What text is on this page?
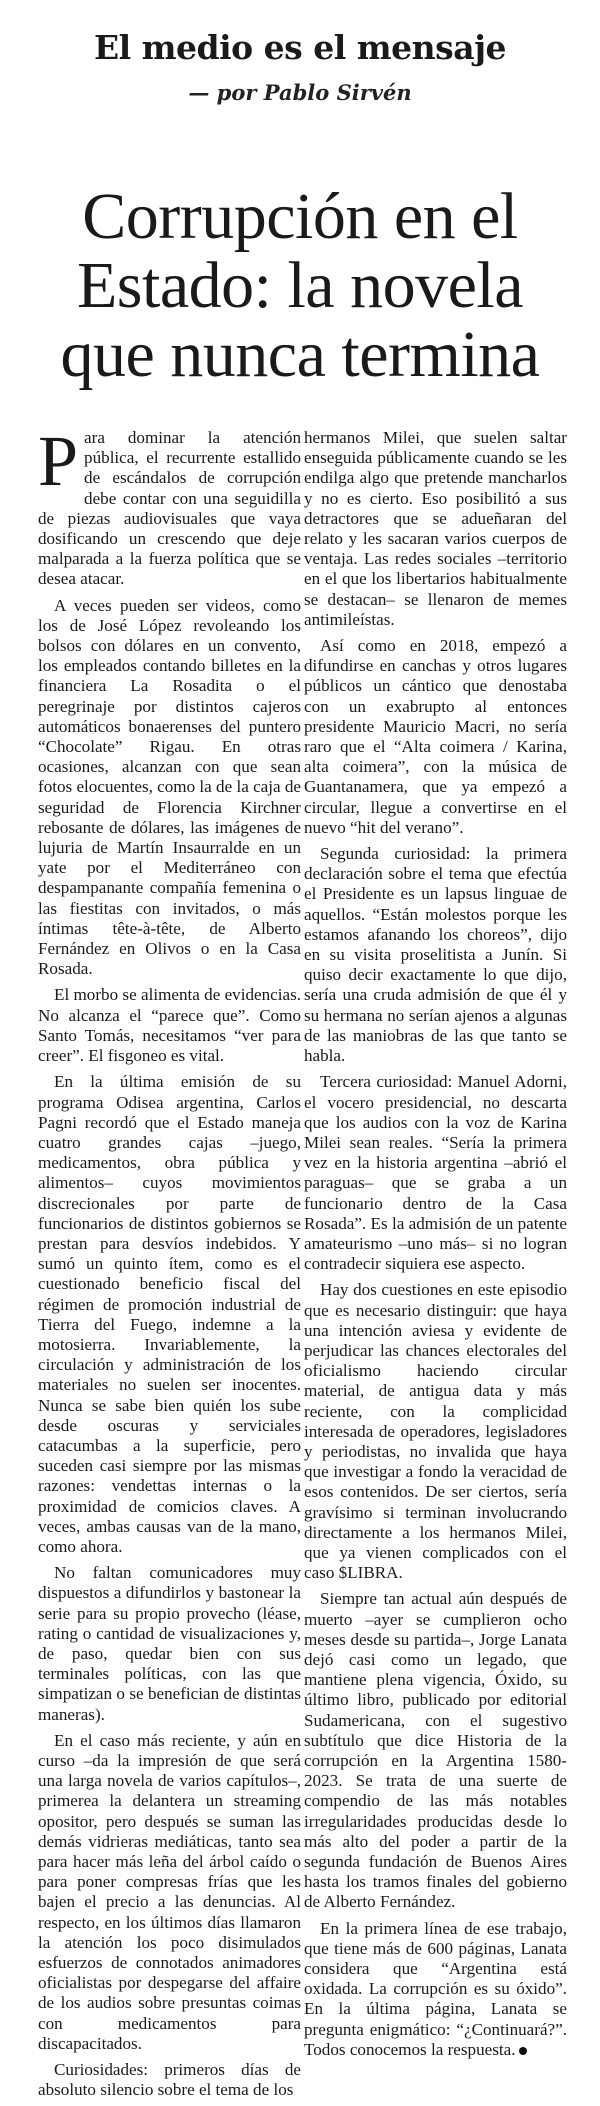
El medio es el mensaje
— por Pablo Sirvén
Corrupción en el
Estado: la novela
que nunca termina

Para dominar la atención pública, el recurrente estallido de escándalos de corrupción debe contar con una seguidilla de piezas audiovisuales que vaya dosificando un crescendo que deje malparada a la fuerza política que se desea atacar.

A veces pueden ser videos, como los de José López revoleando los bolsos con dólares en un convento, los empleados contando billetes en la financiera La Rosadita o el peregrinaje por distintos cajeros automáticos bonaerenses del puntero “Chocolate” Rigau. En otras ocasiones, alcanzan con que sean fotos elocuentes, como la de la caja de seguridad de Florencia Kirchner rebosante de dólares, las imágenes de lujuria de Martín Insaurralde en un yate por el Mediterráneo con despampanante compañía femenina o las fiestitas con invitados, o más íntimas tête-à-tête, de Alberto Fernández en Olivos o en la Casa Rosada.

El morbo se alimenta de evidencias. No alcanza el “parece que”. Como Santo Tomás, necesitamos “ver para creer”. El fisgoneo es vital.

En la última emisión de su programa Odisea argentina, Carlos Pagni recordó que el Estado maneja cuatro grandes cajas –juego, medicamentos, obra pública y alimentos– cuyos movimientos discrecionales por parte de funcionarios de distintos gobiernos se prestan para desvíos indebidos. Y sumó un quinto ítem, como es el cuestionado beneficio fiscal del régimen de promoción industrial de Tierra del Fuego, indemne a la motosierra. Invariablemente, la circulación y administración de los materiales no suelen ser inocentes. Nunca se sabe bien quién los sube desde oscuras y serviciales catacumbas a la superficie, pero suceden casi siempre por las mismas razones: vendettas internas o la proximidad de comicios claves. A veces, ambas causas van de la mano, como ahora.

No faltan comunicadores muy dispuestos a difundirlos y bastonear la serie para su propio provecho (léase, rating o cantidad de visualizaciones y, de paso, quedar bien con sus terminales políticas, con las que simpatizan o se benefician de distintas maneras).

En el caso más reciente, y aún en curso –da la impresión de que será una larga novela de varios capítulos–, primerea la delantera un streaming opositor, pero después se suman las demás vidrieras mediáticas, tanto sea para hacer más leña del árbol caído o para poner compresas frías que les bajen el precio a las denuncias. Al respecto, en los últimos días llamaron la atención los poco disimulados esfuerzos de connotados animadores oficialistas por despegarse del affaire de los audios sobre presuntas coimas con medicamentos para discapacitados.

Curiosidades: primeros días de absoluto silencio sobre el tema de los

hermanos Milei, que suelen saltar enseguida públicamente cuando se les endilga algo que pretende mancharlos y no es cierto. Eso posibilitó a sus detractores que se adueñaran del relato y les sacaran varios cuerpos de ventaja. Las redes sociales –territorio en el que los libertarios habitualmente se destacan– se llenaron de memes antimileístas.

Así como en 2018, empezó a difundirse en canchas y otros lugares públicos un cántico que denostaba con un exabrupto al entonces presidente Mauricio Macri, no sería raro que el “Alta coimera / Karina, alta coimera”, con la música de Guantanamera, que ya empezó a circular, llegue a convertirse en el nuevo “hit del verano”.

Segunda curiosidad: la primera declaración sobre el tema que efectúa el Presidente es un lapsus linguae de aquellos. “Están molestos porque les estamos afanando los choreos”, dijo en su visita proselitista a Junín. Si quiso decir exactamente lo que dijo, sería una cruda admisión de que él y su hermana no serían ajenos a algunas de las maniobras de las que tanto se habla.

Tercera curiosidad: Manuel Adorni, el vocero presidencial, no descarta que los audios con la voz de Karina Milei sean reales. “Sería la primera vez en la historia argentina –abrió el paraguas– que se graba a un funcionario dentro de la Casa Rosada”. Es la admisión de un patente amateurismo –uno más– si no logran contradecir siquiera ese aspecto.

Hay dos cuestiones en este episodio que es necesario distinguir: que haya una intención aviesa y evidente de perjudicar las chances electorales del oficialismo haciendo circular material, de antigua data y más reciente, con la complicidad interesada de operadores, legisladores y periodistas, no invalida que haya que investigar a fondo la veracidad de esos contenidos. De ser ciertos, sería gravísimo si terminan involucrando directamente a los hermanos Milei, que ya vienen complicados con el caso $LIBRA.

Siempre tan actual aún después de muerto –ayer se cumplieron ocho meses desde su partida–, Jorge Lanata dejó casi como un legado, que mantiene plena vigencia, Óxido, su último libro, publicado por editorial Sudamericana, con el sugestivo subtítulo que dice Historia de la corrupción en la Argentina 1580-2023. Se trata de una suerte de compendio de las más notables irregularidades producidas desde lo más alto del poder a partir de la segunda fundación de Buenos Aires hasta los tramos finales del gobierno de Alberto Fernández.

En la primera línea de ese trabajo, que tiene más de 600 páginas, Lanata considera que “Argentina está oxidada. La corrupción es su óxido”. En la última página, Lanata se pregunta enigmático: “¿Continuará?”. Todos conocemos la respuesta.
